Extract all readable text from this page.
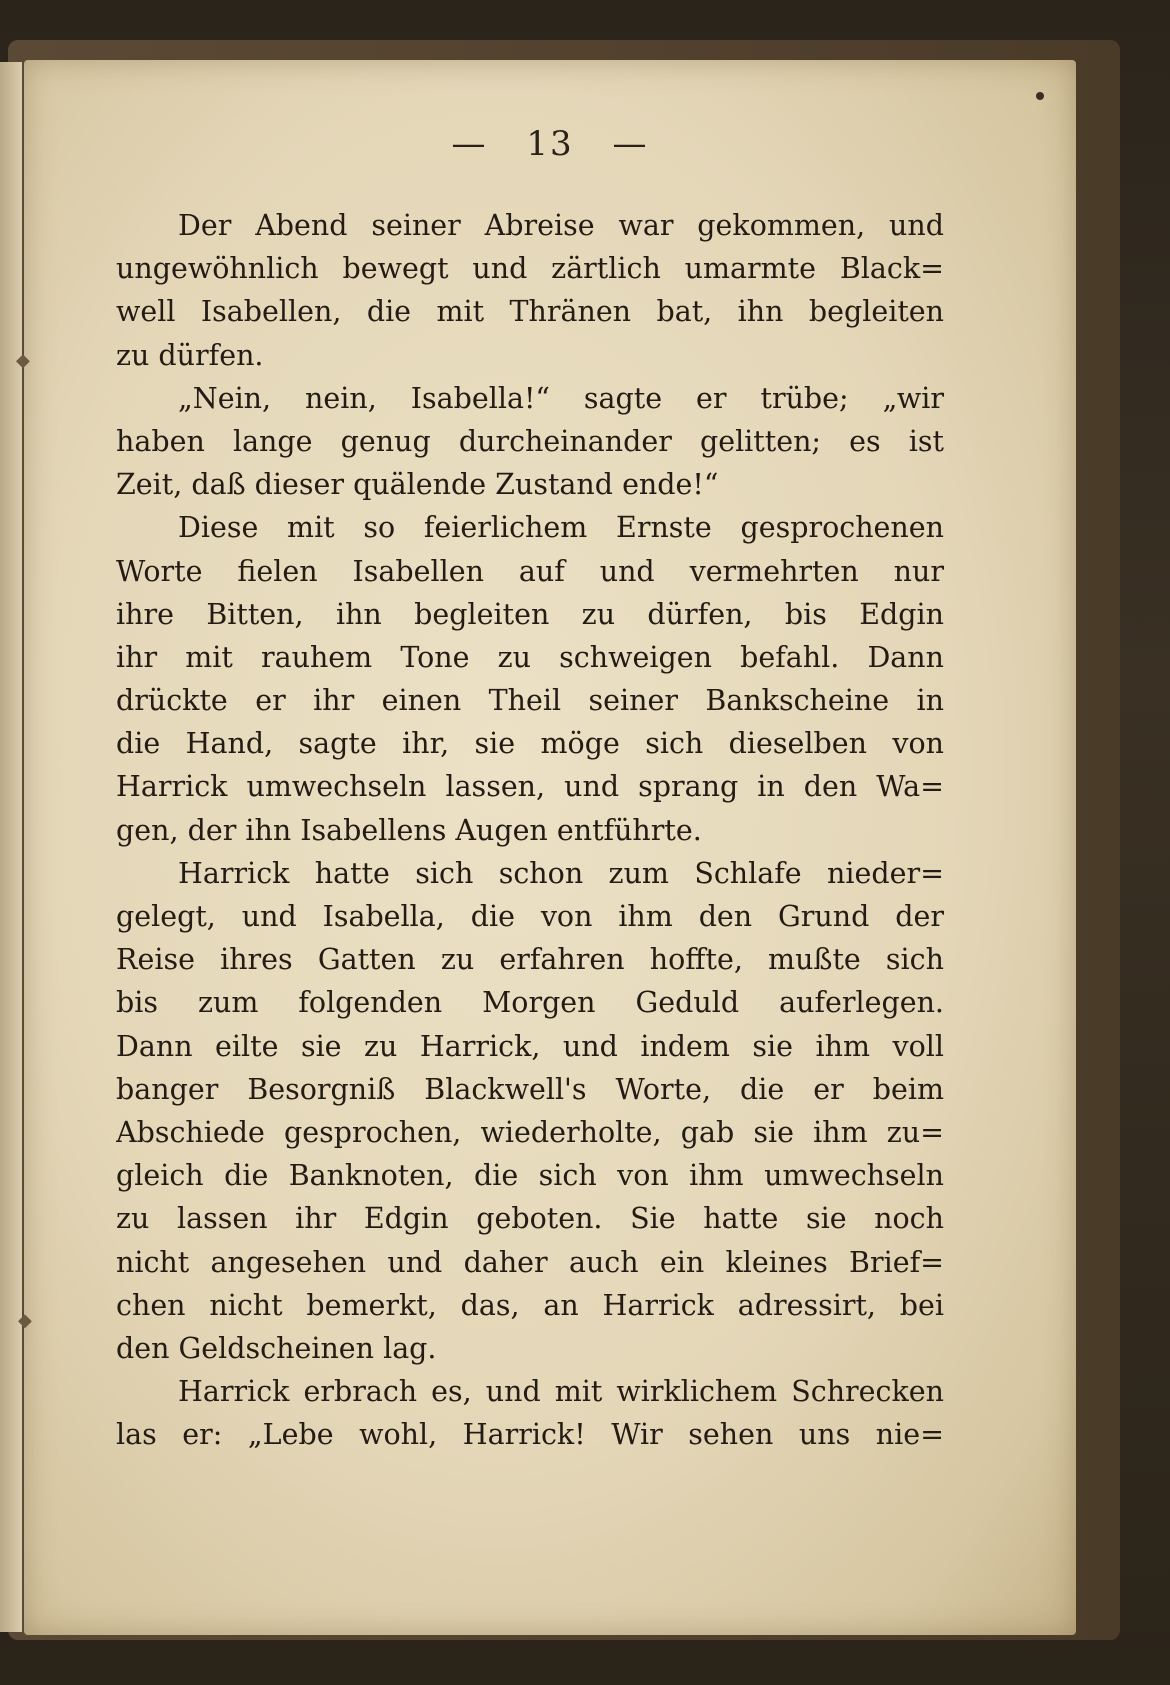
◆
◆
— 13 —
Der Abend seiner Abreise war gekommen, und
ungewöhnlich bewegt und zärtlich umarmte Black=
well Isabellen, die mit Thränen bat, ihn begleiten
zu dürfen.
„Nein, nein, Isabella!“ sagte er trübe; „wir
haben lange genug durcheinander gelitten; es ist
Zeit, daß dieser quälende Zustand ende!“
Diese mit so feierlichem Ernste gesprochenen
Worte fielen Isabellen auf und vermehrten nur
ihre Bitten, ihn begleiten zu dürfen, bis Edgin
ihr mit rauhem Tone zu schweigen befahl. Dann
drückte er ihr einen Theil seiner Bankscheine in
die Hand, sagte ihr, sie möge sich dieselben von
Harrick umwechseln lassen, und sprang in den Wa=
gen, der ihn Isabellens Augen entführte.
Harrick hatte sich schon zum Schlafe nieder=
gelegt, und Isabella, die von ihm den Grund der
Reise ihres Gatten zu erfahren hoffte, mußte sich
bis zum folgenden Morgen Geduld auferlegen.
Dann eilte sie zu Harrick, und indem sie ihm voll
banger Besorgniß Blackwell's Worte, die er beim
Abschiede gesprochen, wiederholte, gab sie ihm zu=
gleich die Banknoten, die sich von ihm umwechseln
zu lassen ihr Edgin geboten. Sie hatte sie noch
nicht angesehen und daher auch ein kleines Brief=
chen nicht bemerkt, das, an Harrick adressirt, bei
den Geldscheinen lag.
Harrick erbrach es, und mit wirklichem Schrecken
las er: „Lebe wohl, Harrick! Wir sehen uns nie=
